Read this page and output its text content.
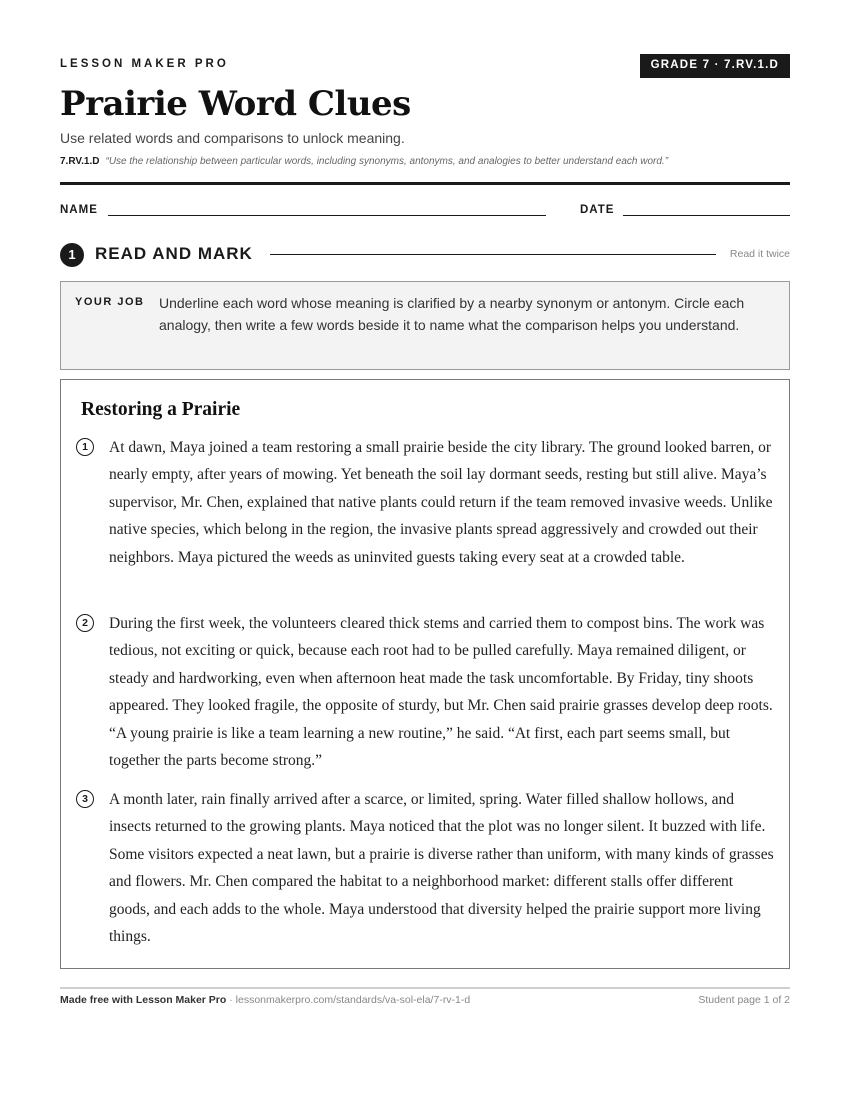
LESSON MAKER PRO	GRADE 7 · 7.RV.1.D
Prairie Word Clues
Use related words and comparisons to unlock meaning.
7.RV.1.D “Use the relationship between particular words, including synonyms, antonyms, and analogies to better understand each word.”
NAME	DATE
1	READ AND MARK	Read it twice
YOUR JOB Underline each word whose meaning is clarified by a nearby synonym or antonym. Circle each analogy, then write a few words beside it to name what the comparison helps you understand.
Restoring a Prairie
1	At dawn, Maya joined a team restoring a small prairie beside the city library. The ground looked barren, or nearly empty, after years of mowing. Yet beneath the soil lay dormant seeds, resting but still alive. Maya’s supervisor, Mr. Chen, explained that native plants could return if the team removed invasive weeds. Unlike native species, which belong in the region, the invasive plants spread aggressively and crowded out their neighbors. Maya pictured the weeds as uninvited guests taking every seat at a crowded table.

2	During the first week, the volunteers cleared thick stems and carried them to compost bins. The work was tedious, not exciting or quick, because each root had to be pulled carefully. Maya remained diligent, or steady and hardworking, even when afternoon heat made the task uncomfortable. By Friday, tiny shoots appeared. They looked fragile, the opposite of sturdy, but Mr. Chen said prairie grasses develop deep roots. “A young prairie is like a team learning a new routine,” he said. “At first, each part seems small, but together the parts become strong.”

3	A month later, rain finally arrived after a scarce, or limited, spring. Water filled shallow hollows, and insects returned to the growing plants. Maya noticed that the plot was no longer silent. It buzzed with life. Some visitors expected a neat lawn, but a prairie is diverse rather than uniform, with many kinds of grasses and flowers. Mr. Chen compared the habitat to a neighborhood market: different stalls offer different goods, and each adds to the whole. Maya understood that diversity helped the prairie support more living things.

Made free with Lesson Maker Pro · lessonmakerpro.com/standards/va-sol-ela/7-rv-1-d	Student page 1 of 2
